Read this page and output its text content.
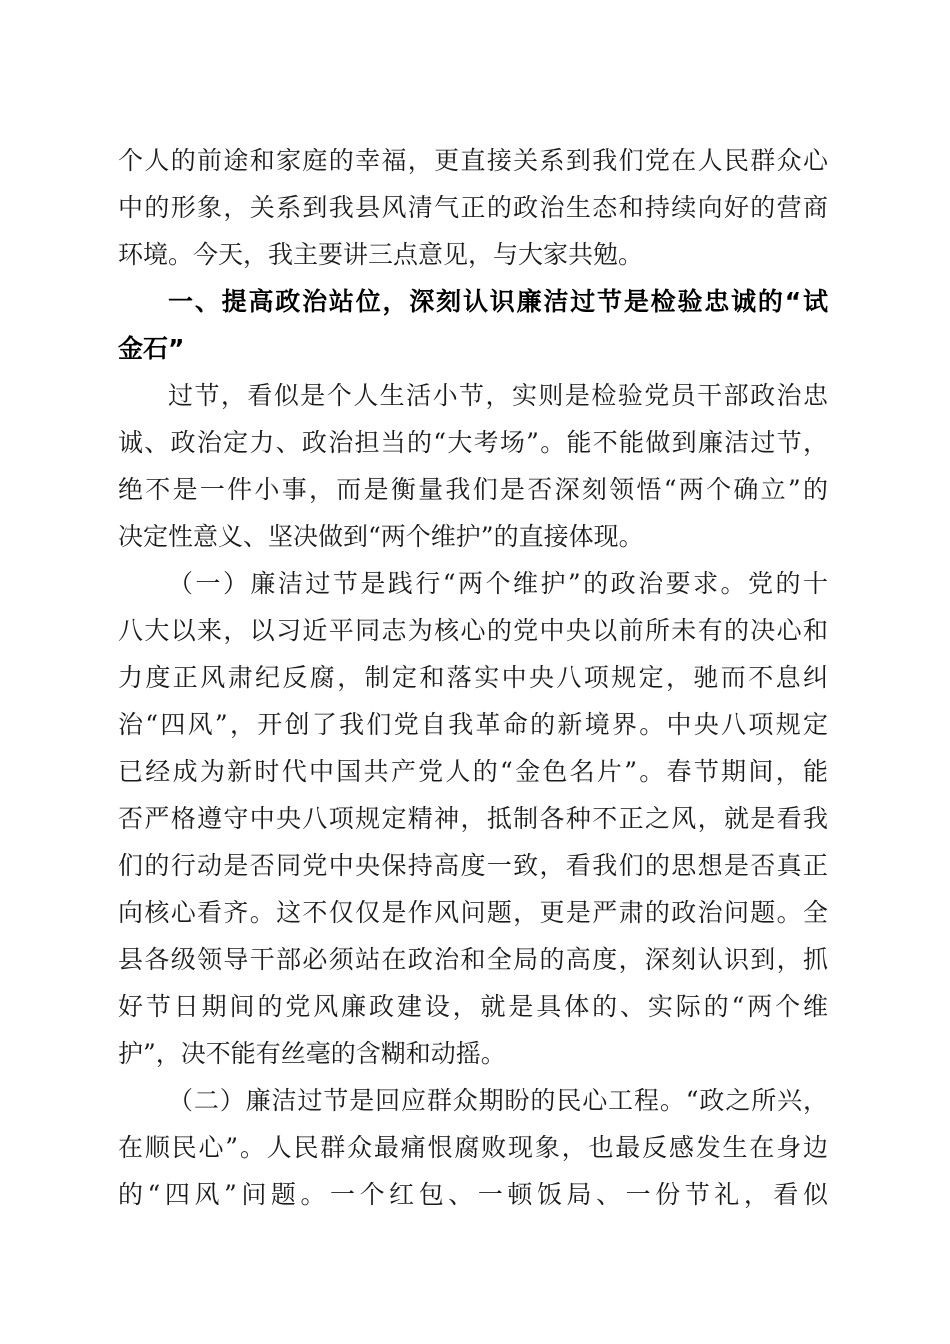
个人的前途和家庭的幸福，更直接关系到我们党在人民群众心
中的形象，关系到我县风清气正的政治生态和持续向好的营商
环境。今天，我主要讲三点意见，与大家共勉。
一、提高政治站位，深刻认识廉洁过节是检验忠诚的“试
金石”
过节，看似是个人生活小节，实则是检验党员干部政治忠
诚、政治定力、政治担当的“大考场”。能不能做到廉洁过节，
绝不是一件小事，而是衡量我们是否深刻领悟“两个确立”的
决定性意义、坚决做到“两个维护”的直接体现。
（一）廉洁过节是践行“两个维护”的政治要求。党的十
八大以来，以习近平同志为核心的党中央以前所未有的决心和
力度正风肃纪反腐，制定和落实中央八项规定，驰而不息纠
治“四风”，开创了我们党自我革命的新境界。中央八项规定
已经成为新时代中国共产党人的“金色名片”。春节期间，能
否严格遵守中央八项规定精神，抵制各种不正之风，就是看我
们的行动是否同党中央保持高度一致，看我们的思想是否真正
向核心看齐。这不仅仅是作风问题，更是严肃的政治问题。全
县各级领导干部必须站在政治和全局的高度，深刻认识到，抓
好节日期间的党风廉政建设，就是具体的、实际的“两个维
护”，决不能有丝毫的含糊和动摇。
（二）廉洁过节是回应群众期盼的民心工程。“政之所兴，
在顺民心”。人民群众最痛恨腐败现象，也最反感发生在身边
的“四风”问题。一个红包、一顿饭局、一份节礼，看似
